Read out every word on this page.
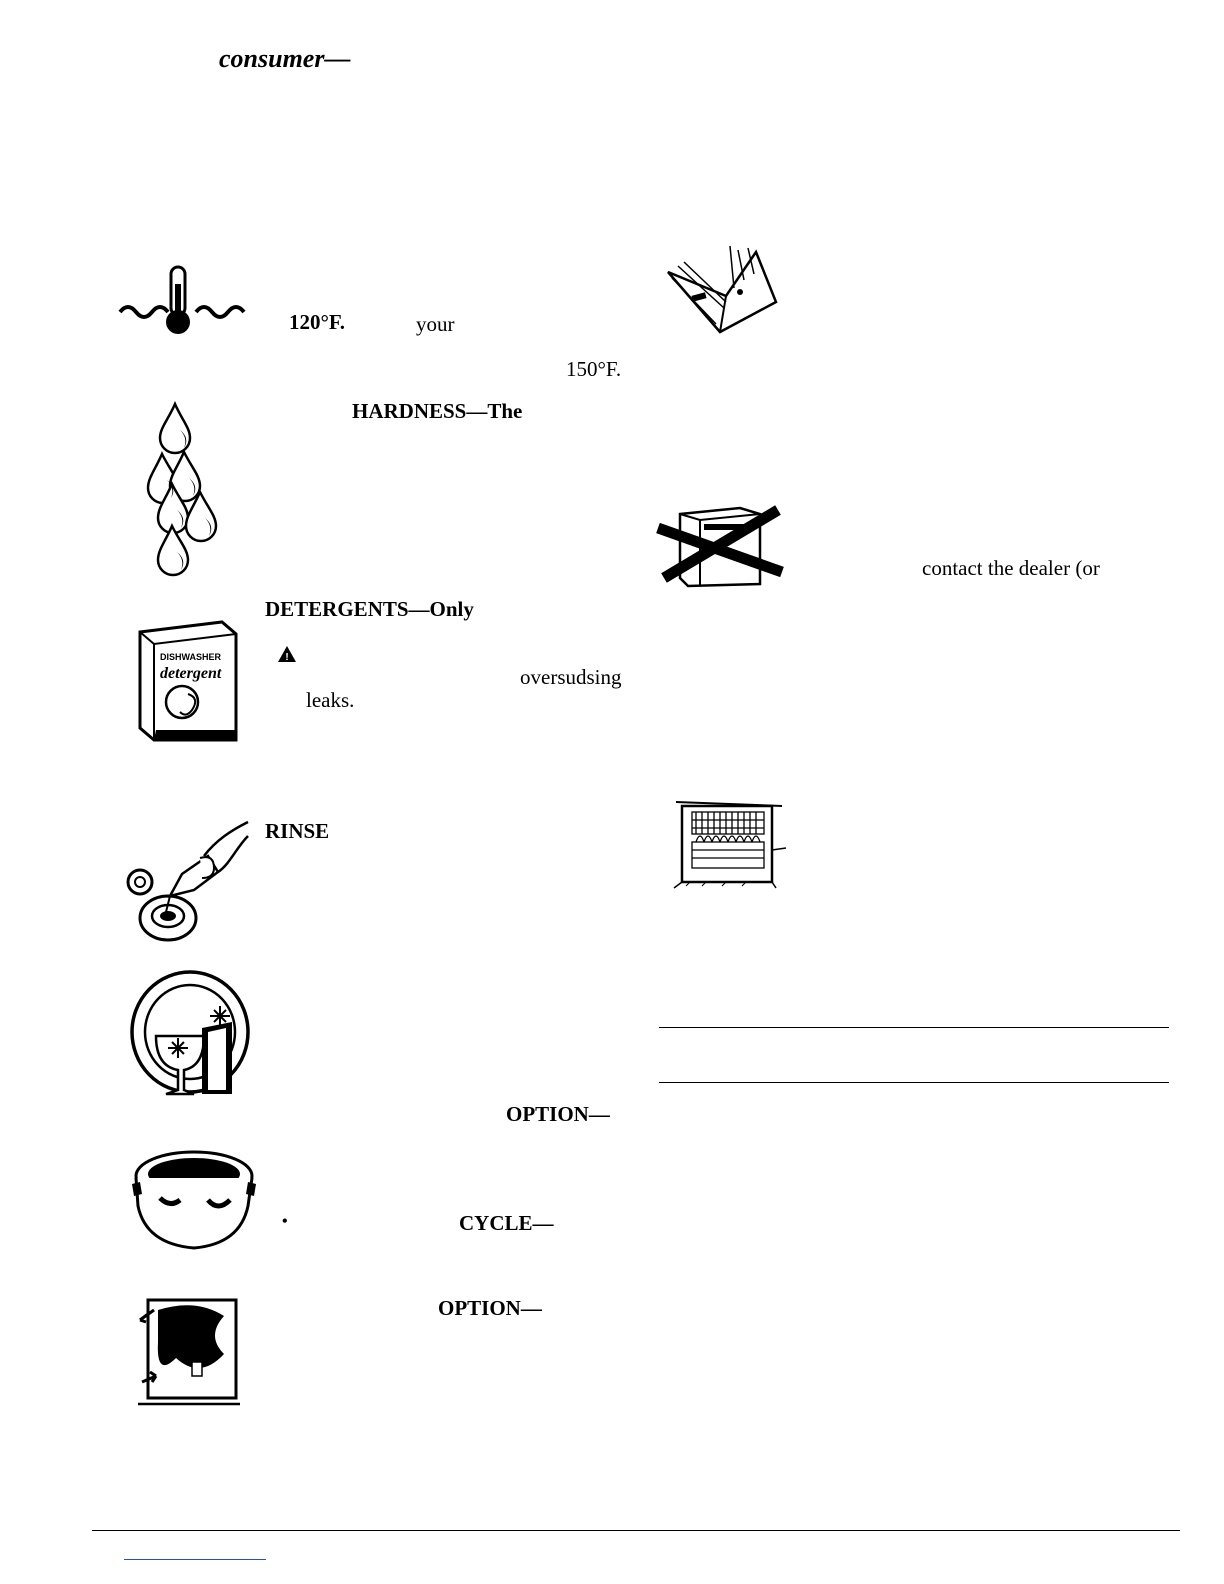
consumer—
120°F.	your
150°F.
HARDNESS—The
DISHWASHER
detergent
DETERGENTS—Only
!
oversudsing
leaks.
RINSE
OPTION—
•	CYCLE—
OPTION—
contact the dealer (or
